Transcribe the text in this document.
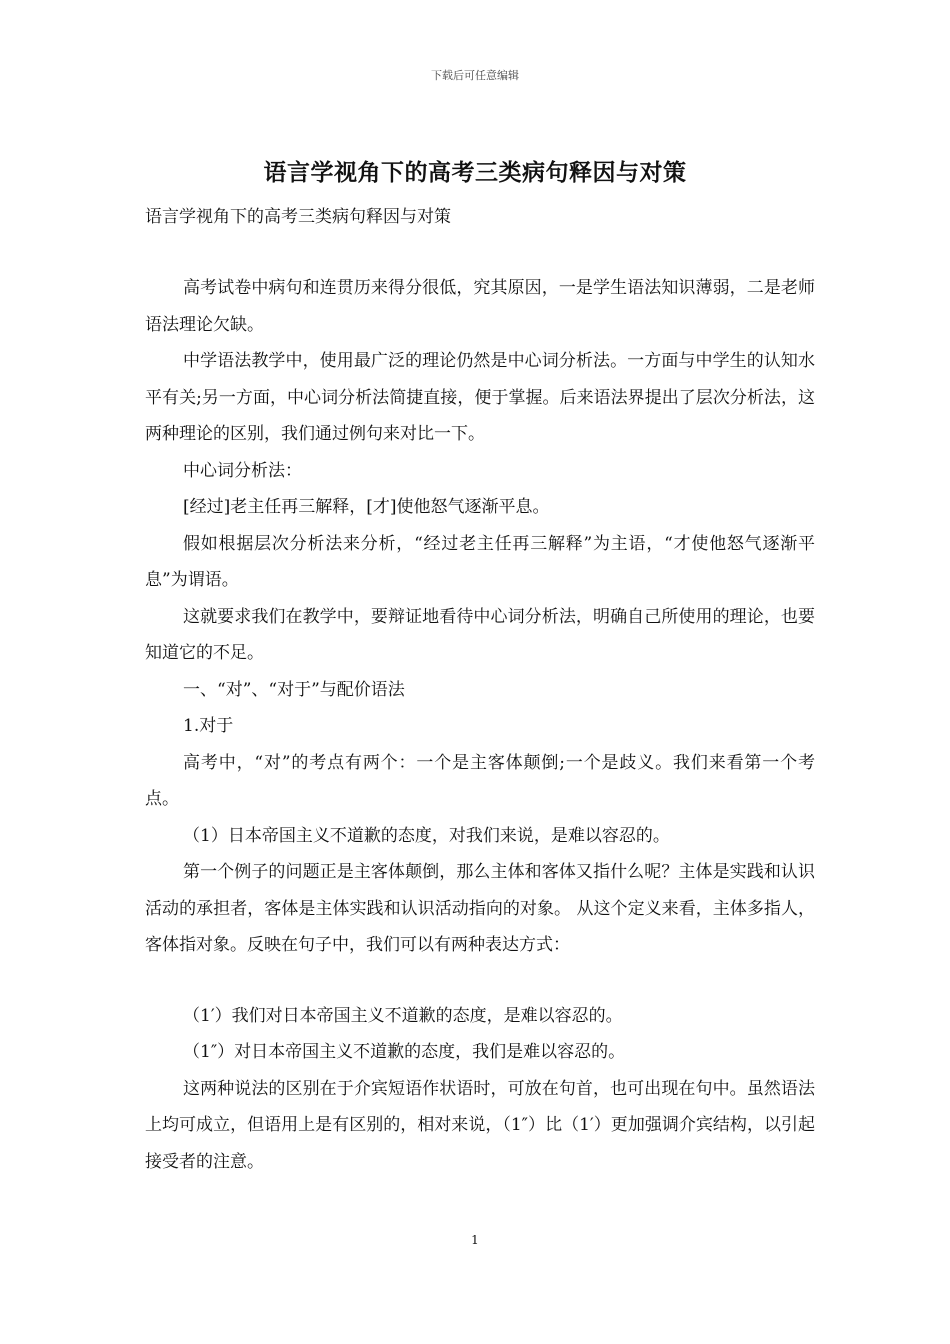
下载后可任意编辑
语言学视角下的高考三类病句释因与对策
语言学视角下的高考三类病句释因与对策

高考试卷中病句和连贯历来得分很低，究其原因，一是学生语法知识薄弱，二是老师语法理论欠缺。

中学语法教学中，使用最广泛的理论仍然是中心词分析法。一方面与中学生的认知水平有关;另一方面，中心词分析法简捷直接，便于掌握。后来语法界提出了层次分析法，这两种理论的区别，我们通过例句来对比一下。

中心词分析法：

[经过]老主任再三解释，[才]使他怒气逐渐平息。

假如根据层次分析法来分析，“经过老主任再三解释”为主语，“才使他怒气逐渐平息”为谓语。

这就要求我们在教学中，要辩证地看待中心词分析法，明确自己所使用的理论，也要知道它的不足。

一、“对”、“对于”与配价语法

1.对于

高考中，“对”的考点有两个：一个是主客体颠倒;一个是歧义。我们来看第一个考点。

（1）日本帝国主义不道歉的态度，对我们来说，是难以容忍的。

第一个例子的问题正是主客体颠倒，那么主体和客体又指什么呢？主体是实践和认识活动的承担者，客体是主体实践和认识活动指向的对象。 从这个定义来看，主体多指人，客体指对象。反映在句子中，我们可以有两种表达方式：

（1′）我们对日本帝国主义不道歉的态度，是难以容忍的。

（1″）对日本帝国主义不道歉的态度，我们是难以容忍的。

这两种说法的区别在于介宾短语作状语时，可放在句首，也可出现在句中。虽然语法上均可成立，但语用上是有区别的，相对来说，（1″）比（1′）更加强调介宾结构，以引起接受者的注意。

1
